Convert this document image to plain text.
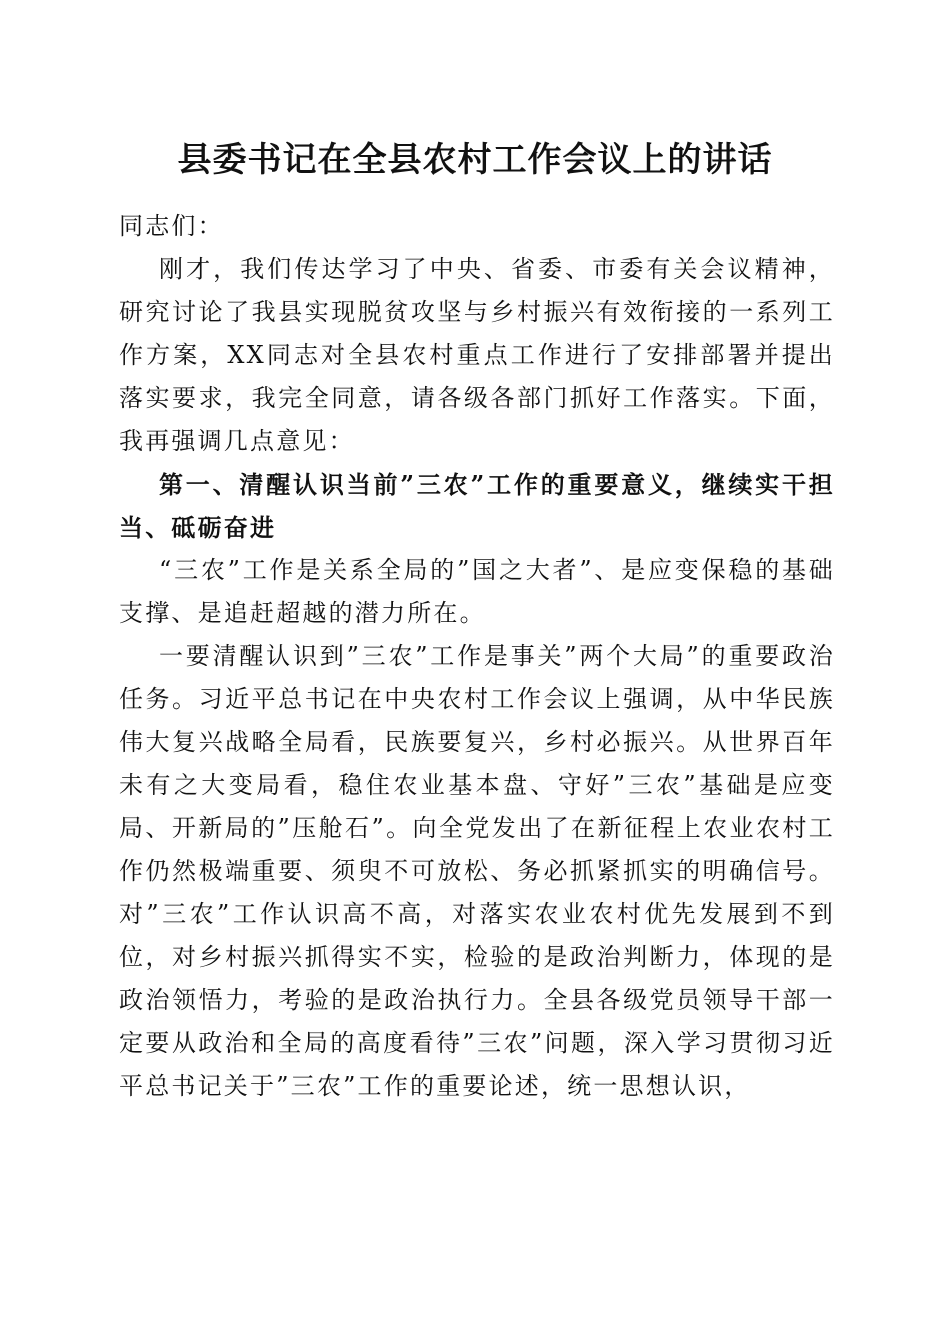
县委书记在全县农村工作会议上的讲话

同志们：

刚才，我们传达学习了中央、省委、市委有关会议精神，研究讨论了我县实现脱贫攻坚与乡村振兴有效衔接的一系列工作方案，XX同志对全县农村重点工作进行了安排部署并提出落实要求，我完全同意，请各级各部门抓好工作落实。下面，我再强调几点意见：

第一、清醒认识当前”三农”工作的重要意义，继续实干担当、砥砺奋进

“三农”工作是关系全局的”国之大者”、是应变保稳的基础支撑、是追赶超越的潜力所在。

一要清醒认识到”三农”工作是事关”两个大局”的重要政治任务。习近平总书记在中央农村工作会议上强调，从中华民族伟大复兴战略全局看，民族要复兴，乡村必振兴。从世界百年未有之大变局看，稳住农业基本盘、守好”三农”基础是应变局、开新局的”压舱石”。向全党发出了在新征程上农业农村工作仍然极端重要、须臾不可放松、务必抓紧抓实的明确信号。对”三农”工作认识高不高，对落实农业农村优先发展到不到位，对乡村振兴抓得实不实，检验的是政治判断力，体现的是政治领悟力，考验的是政治执行力。全县各级党员领导干部一定要从政治和全局的高度看待”三农”问题，深入学习贯彻习近平总书记关于”三农”工作的重要论述，统一思想认识，
